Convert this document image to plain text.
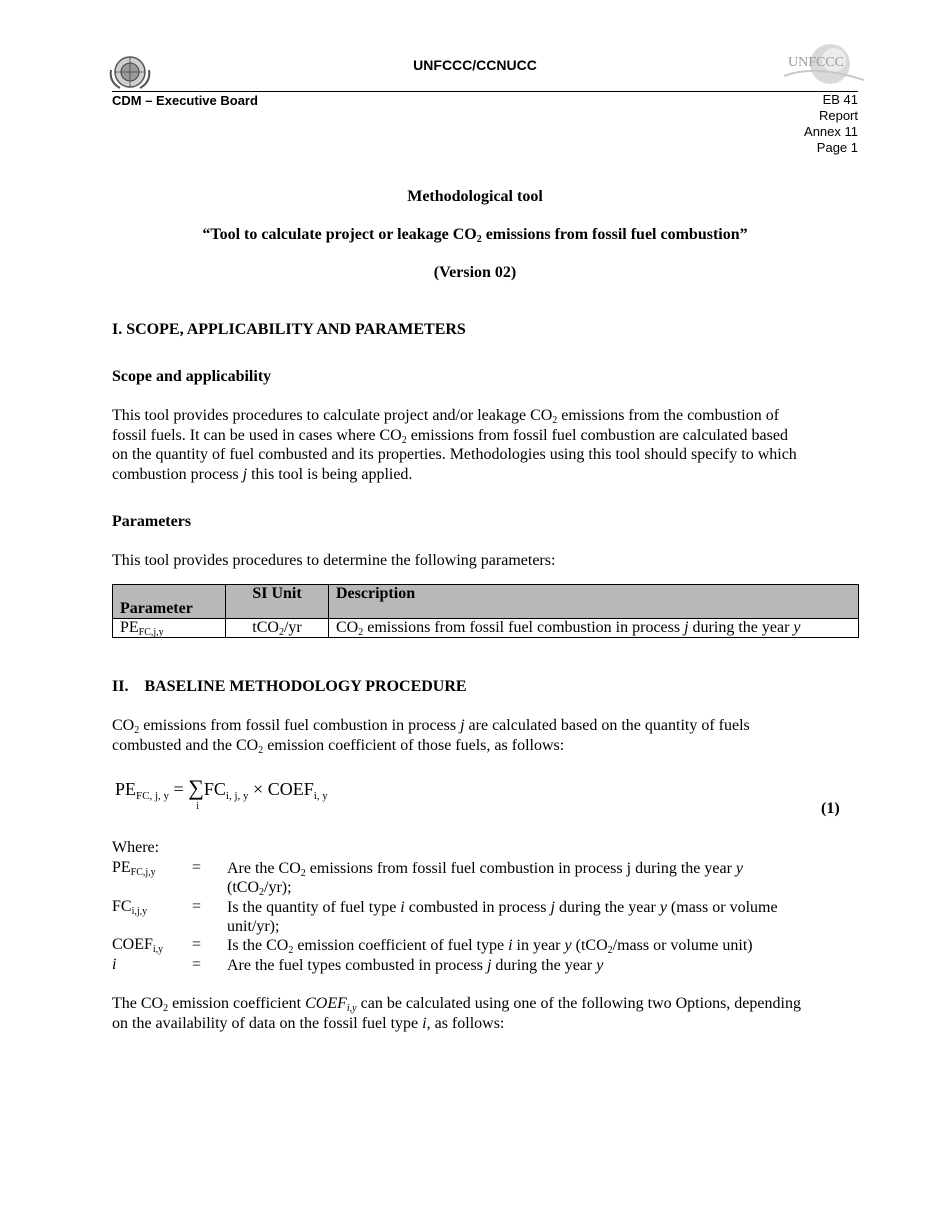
UNFCCC/CCNUCC	UNFCCC
CDM – Executive Board	EB 41
Report
Annex 11
Page 1
Methodological tool
“Tool to calculate project or leakage $CO_2$ emissions from fossil fuel combustion”
(Version 02)
I. SCOPE, APPLICABILITY AND PARAMETERS
Scope and applicability
This tool provides procedures to calculate project and/or leakage $CO_2$ emissions from the combustion of
fossil fuels. It can be used in cases where $CO_2$ emissions from fossil fuel combustion are calculated based
on the quantity of fuel combusted and its properties. Methodologies using this tool should specify to which
combustion process j this tool is being applied.
Parameters
This tool provides procedures to determine the following parameters:
Parameter	SI Unit	Description
$PE_{FC,j,y}$	tCO$_2$/yr	$CO_2$ emissions from fossil fuel combustion in process j during the year y
II.    BASELINE METHODOLOGY PROCEDURE
$CO_2$ emissions from fossil fuel combustion in process j are calculated based on the quantity of fuels
combusted and the $CO_2$ emission coefficient of those fuels, as follows:
$PE_{FC, j, y}$ = ∑
i
$FC_{i, j, y}$ × $COEF_{i, y}$
(1)
Where:
$PE_{FC,j,y}$ = Are the $CO_2$ emissions from fossil fuel combustion in process j during the year y
(tCO$_2$/yr);
$FC_{i,j,y}$	= Is the quantity of fuel type i combusted in process j during the year y (mass or volume
unit/yr);
$COEF_{i,y} = Is$ the $CO_2$ emission coefficient of fuel type i in year y (tCO$_2$/mass or volume unit)
i	= Are the fuel types combusted in process j during the year y
The $CO_2$ emission coefficient $COEF_{i,y}$ can be calculated using one of the following two Options, depending
on the availability of data on the fossil fuel type i, as follows:
